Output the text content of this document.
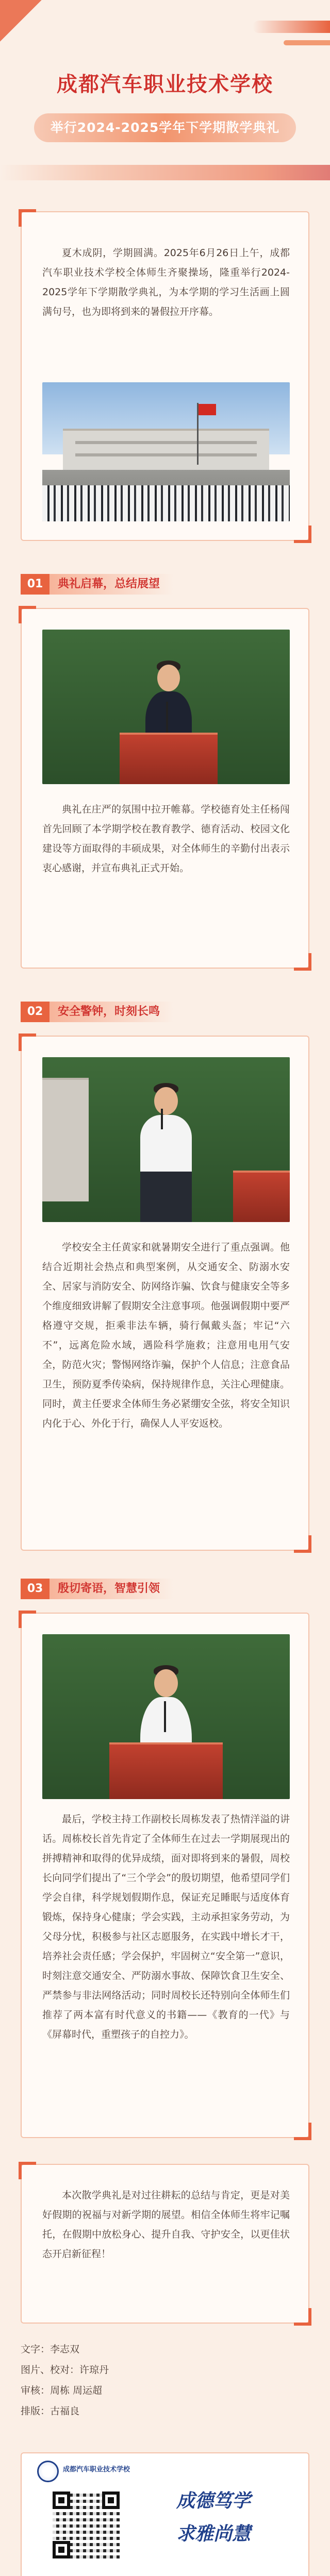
成都汽车职业技术学校
举行2024-2025学年下学期散学典礼
夏木成阴，学期圆满。2025年6月26日上午，成都汽车职业技术学校全体师生齐聚操场，隆重举行2024-2025学年下学期散学典礼，为本学期的学习生活画上圆满句号，也为即将到来的暑假拉开序幕。
01	典礼启幕，总结展望
典礼在庄严的氛围中拉开帷幕。学校德育处主任杨闯首先回顾了本学期学校在教育教学、德育活动、校园文化建设等方面取得的丰硕成果，对全体师生的辛勤付出表示衷心感谢，并宣布典礼正式开始。
02	安全警钟，时刻长鸣
学校安全主任黄家和就暑期安全进行了重点强调。他结合近期社会热点和典型案例，从交通安全、防溺水安全、居家与消防安全、防网络诈骗、饮食与健康安全等多个维度细致讲解了假期安全注意事项。他强调假期中要严格遵守交规，拒乘非法车辆，骑行佩戴头盔；牢记“六不”，远离危险水域，遇险科学施救；注意用电用气安全，防范火灾；警惕网络诈骗，保护个人信息；注意食品卫生，预防夏季传染病，保持规律作息，关注心理健康。同时，黄主任要求全体师生务必紧绷安全弦，将安全知识内化于心、外化于行，确保人人平安返校。
03	殷切寄语，智慧引领
最后，学校主持工作副校长周栋发表了热情洋溢的讲话。周栋校长首先肯定了全体师生在过去一学期展现出的拼搏精神和取得的优异成绩，面对即将到来的暑假，周校长向同学们提出了“三个学会”的殷切期望，他希望同学们学会自律，科学规划假期作息，保证充足睡眠与适度体育锻炼，保持身心健康；学会实践，主动承担家务劳动，为父母分忧，积极参与社区志愿服务，在实践中增长才干，培养社会责任感；学会保护，牢固树立“安全第一”意识，时刻注意交通安全、严防溺水事故、保障饮食卫生安全、严禁参与非法网络活动；同时周校长还特别向全体师生们推荐了两本富有时代意义的书籍——《教育的一代》与《屏幕时代，重塑孩子的自控力》。
本次散学典礼是对过往耕耘的总结与肯定，更是对美好假期的祝福与对新学期的展望。相信全体师生将牢记嘱托，在假期中放松身心、提升自我、守护安全，以更佳状态开启新征程！
文字：李志双
图片、校对：许琼丹
审核：周栋 周运超
排版：古福良
成都汽车职业技术学校
成德笃学
求雅尚慧
